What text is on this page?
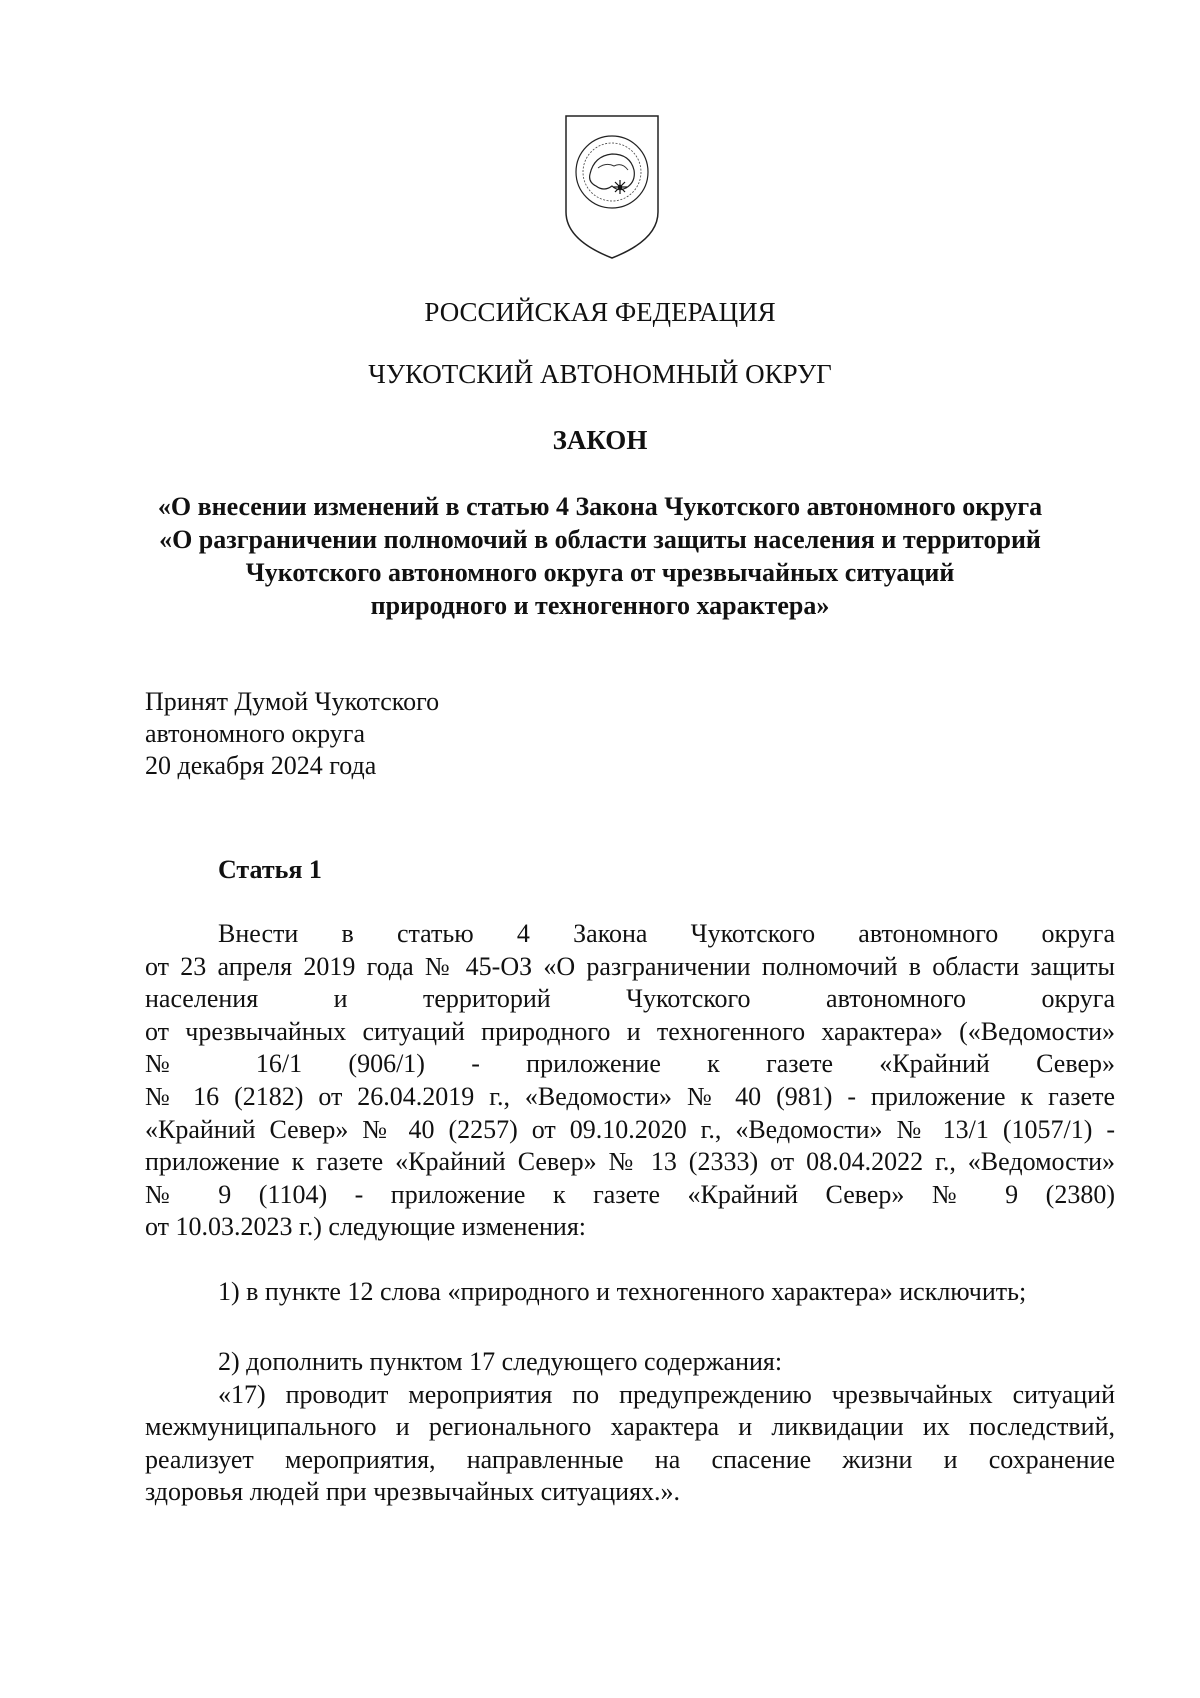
РОССИЙСКАЯ ФЕДЕРАЦИЯ
ЧУКОТСКИЙ АВТОНОМНЫЙ ОКРУГ
ЗАКОН
«О внесении изменений в статью 4 Закона Чукотского автономного округа
«О разграничении полномочий в области защиты населения и территорий
Чукотского автономного округа от чрезвычайных ситуаций
природного и техногенного характера»
Принят Думой Чукотского
автономного округа
20 декабря 2024 года
Статья 1
Внести в статью 4 Закона Чукотского автономного округа
от 23 апреля 2019 года № 45-ОЗ «О разграничении полномочий в области защиты
населения и территорий Чукотского автономного округа
от чрезвычайных ситуаций природного и техногенного характера» («Ведомости»
№ 16/1 (906/1) - приложение к газете «Крайний Север»
№ 16 (2182) от 26.04.2019 г., «Ведомости» № 40 (981) - приложение к газете
«Крайний Север» № 40 (2257) от 09.10.2020 г., «Ведомости» № 13/1 (1057/1) -
приложение к газете «Крайний Север» № 13 (2333) от 08.04.2022 г., «Ведомости»
№ 9 (1104) - приложение к газете «Крайний Север» № 9 (2380)
от 10.03.2023 г.) следующие изменения:
1) в пункте 12 слова «природного и техногенного характера» исключить;
2) дополнить пунктом 17 следующего содержания:
«17) проводит мероприятия по предупреждению чрезвычайных ситуаций
межмуниципального и регионального характера и ликвидации их последствий,
реализует мероприятия, направленные на спасение жизни и сохранение
здоровья людей при чрезвычайных ситуациях.».
